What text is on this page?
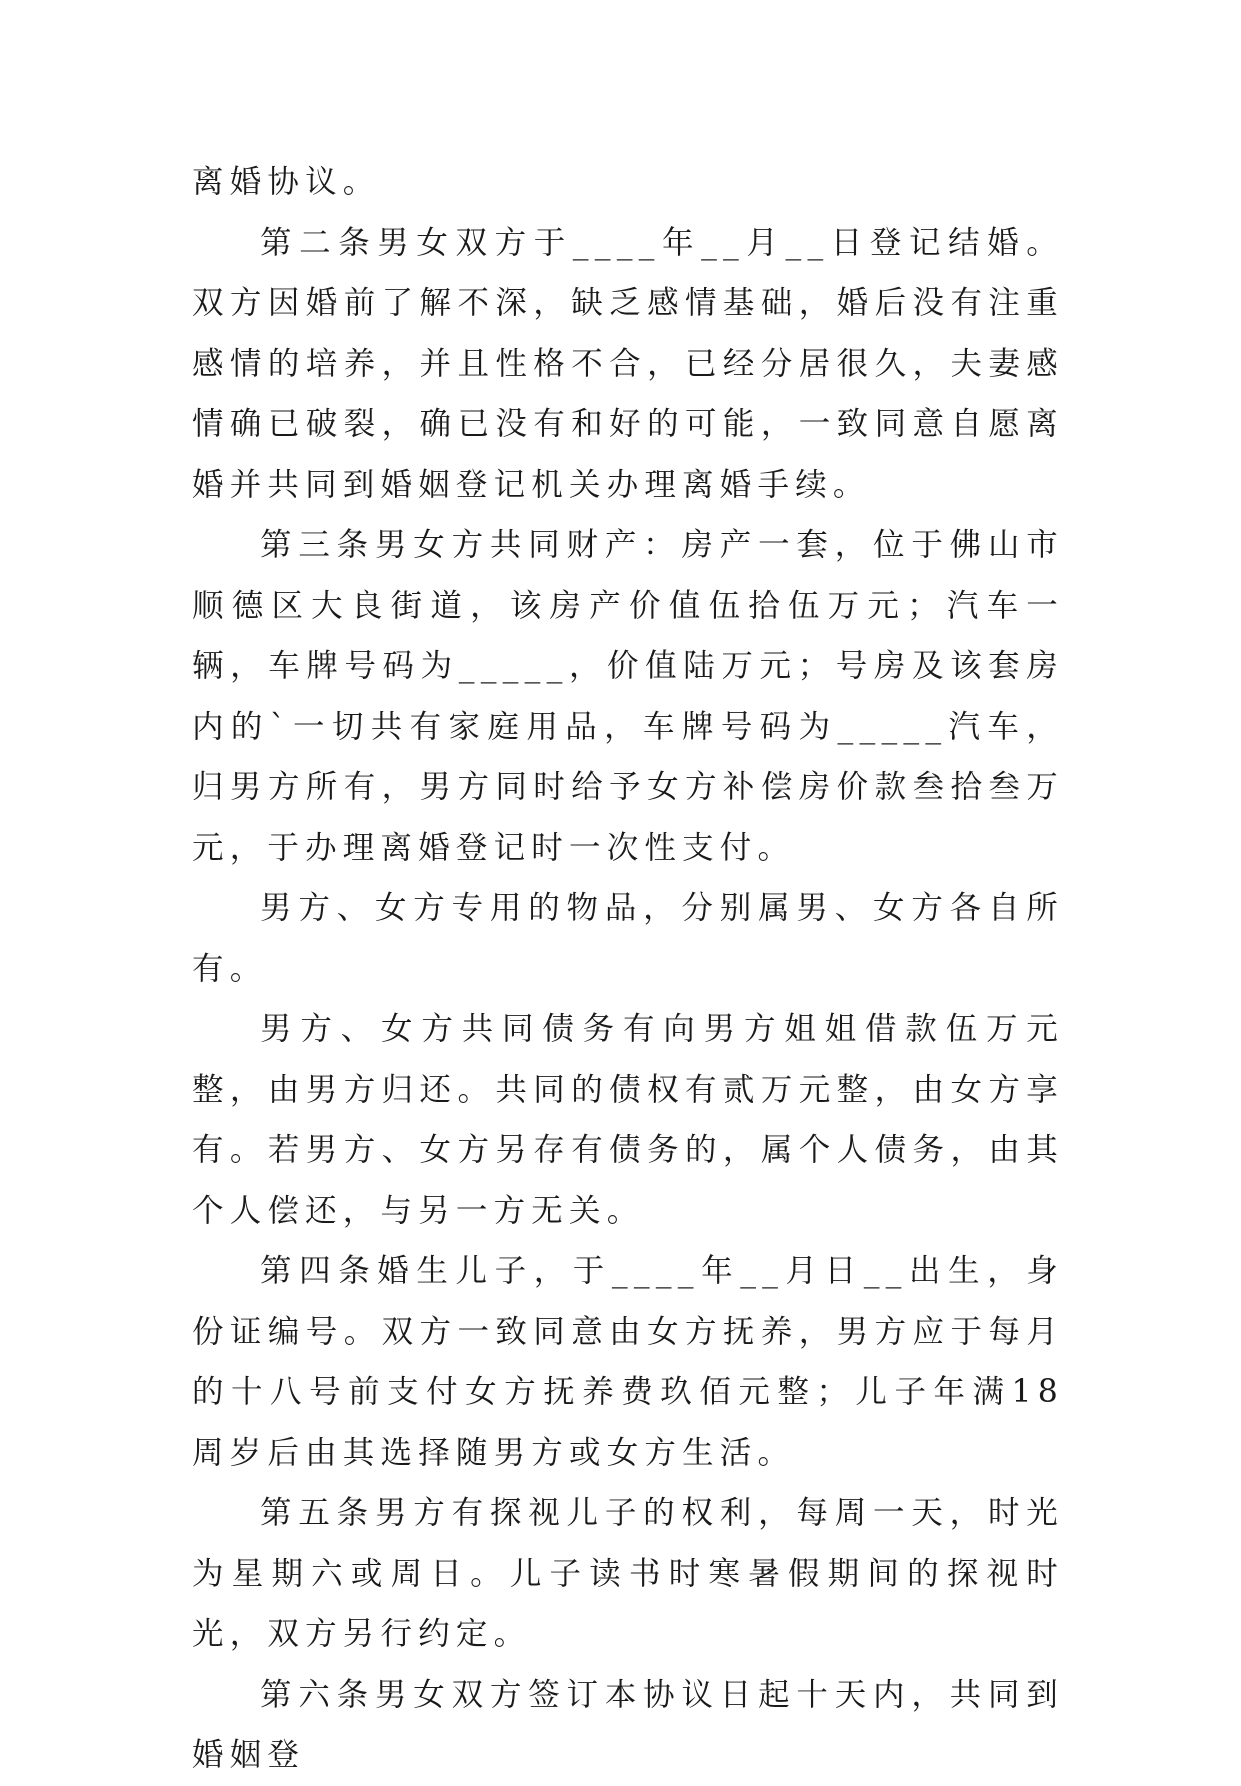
离婚协议。

第二条男女双方于____年__月__日登记结婚。双方因婚前了解不深，缺乏感情基础，婚后没有注重感情的培养，并且性格不合，已经分居很久，夫妻感情确已破裂，确已没有和好的可能，一致同意自愿离婚并共同到婚姻登记机关办理离婚手续。

第三条男女方共同财产：房产一套，位于佛山市顺德区大良街道，该房产价值伍拾伍万元；汽车一辆，车牌号码为_____，价值陆万元；号房及该套房内的`一切共有家庭用品，车牌号码为_____汽车，归男方所有，男方同时给予女方补偿房价款叁拾叁万元，于办理离婚登记时一次性支付。

男方、女方专用的物品，分别属男、女方各自所有。

男方、女方共同债务有向男方姐姐借款伍万元整，由男方归还。共同的债权有贰万元整，由女方享有。若男方、女方另存有债务的，属个人债务，由其个人偿还，与另一方无关。

第四条婚生儿子，于____年__月日__出生，身份证编号。双方一致同意由女方抚养，男方应于每月的十八号前支付女方抚养费玖佰元整；儿子年满18周岁后由其选择随男方或女方生活。

第五条男方有探视儿子的权利，每周一天，时光为星期六或周日。儿子读书时寒暑假期间的探视时光，双方另行约定。

第六条男女双方签订本协议日起十天内，共同到婚姻登
